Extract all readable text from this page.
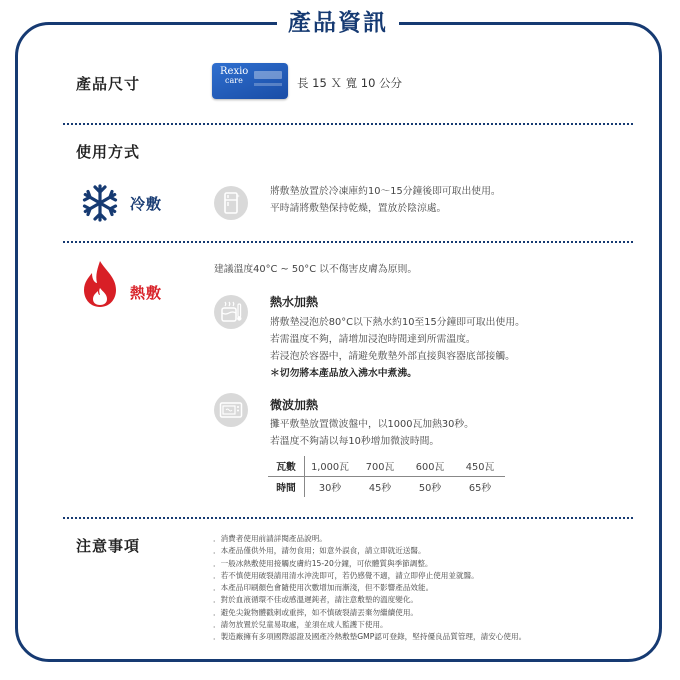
產品資訊
產品尺寸
Rexio
care	長 15 Ｘ 寬 10 公分
使用方式
冷敷	*
將敷墊放置於冷凍庫約10～15分鐘後即可取出使用。
平時請將敷墊保持乾燥，置放於陰涼處。
熱敷
建議溫度40°C ~ 50°C 以不傷害皮膚為原則。
熱水加熱
將敷墊浸泡於80°C以下熱水約10至15分鐘即可取出使用。
若需溫度不夠，請增加浸泡時間達到所需溫度。
若浸泡於容器中，請避免敷墊外部直接與容器底部接觸。
＊切勿將本產品放入沸水中煮沸。
微波加熱
攤平敷墊放置微波盤中，以1000瓦加熱30秒。
若溫度不夠請以每10秒增加微波時間。
瓦數	1,000瓦	700瓦	600瓦	450瓦
時間	30秒	45秒	50秒	65秒
注意事項	．消費者使用前請詳閱產品說明。
．本產品僅供外用，請勿食用；如意外誤食，請立即就近送醫。
．一般冰熱敷使用接觸皮膚約15-20分鐘，可依體質與季節調整。
．若不慎使用破裂請用清水沖洗即可，若仍感覺不適，請立即停止使用並就醫。
．本產品印刷顏色會隨使用次數增加而漸淺，但不影響產品效能。
．對於血液循環不佳或感溫遲鈍者，請注意敷墊的溫度變化。
．避免尖銳物體戳刺或重摔，如不慎破裂請丟棄勿繼續使用。
．請勿放置於兒童易取處，並須在成人監護下使用。
．製造廠擁有多項國際認證及國產冷熱敷墊GMP認可登錄，堅持優良品質管理，請安心使用。
